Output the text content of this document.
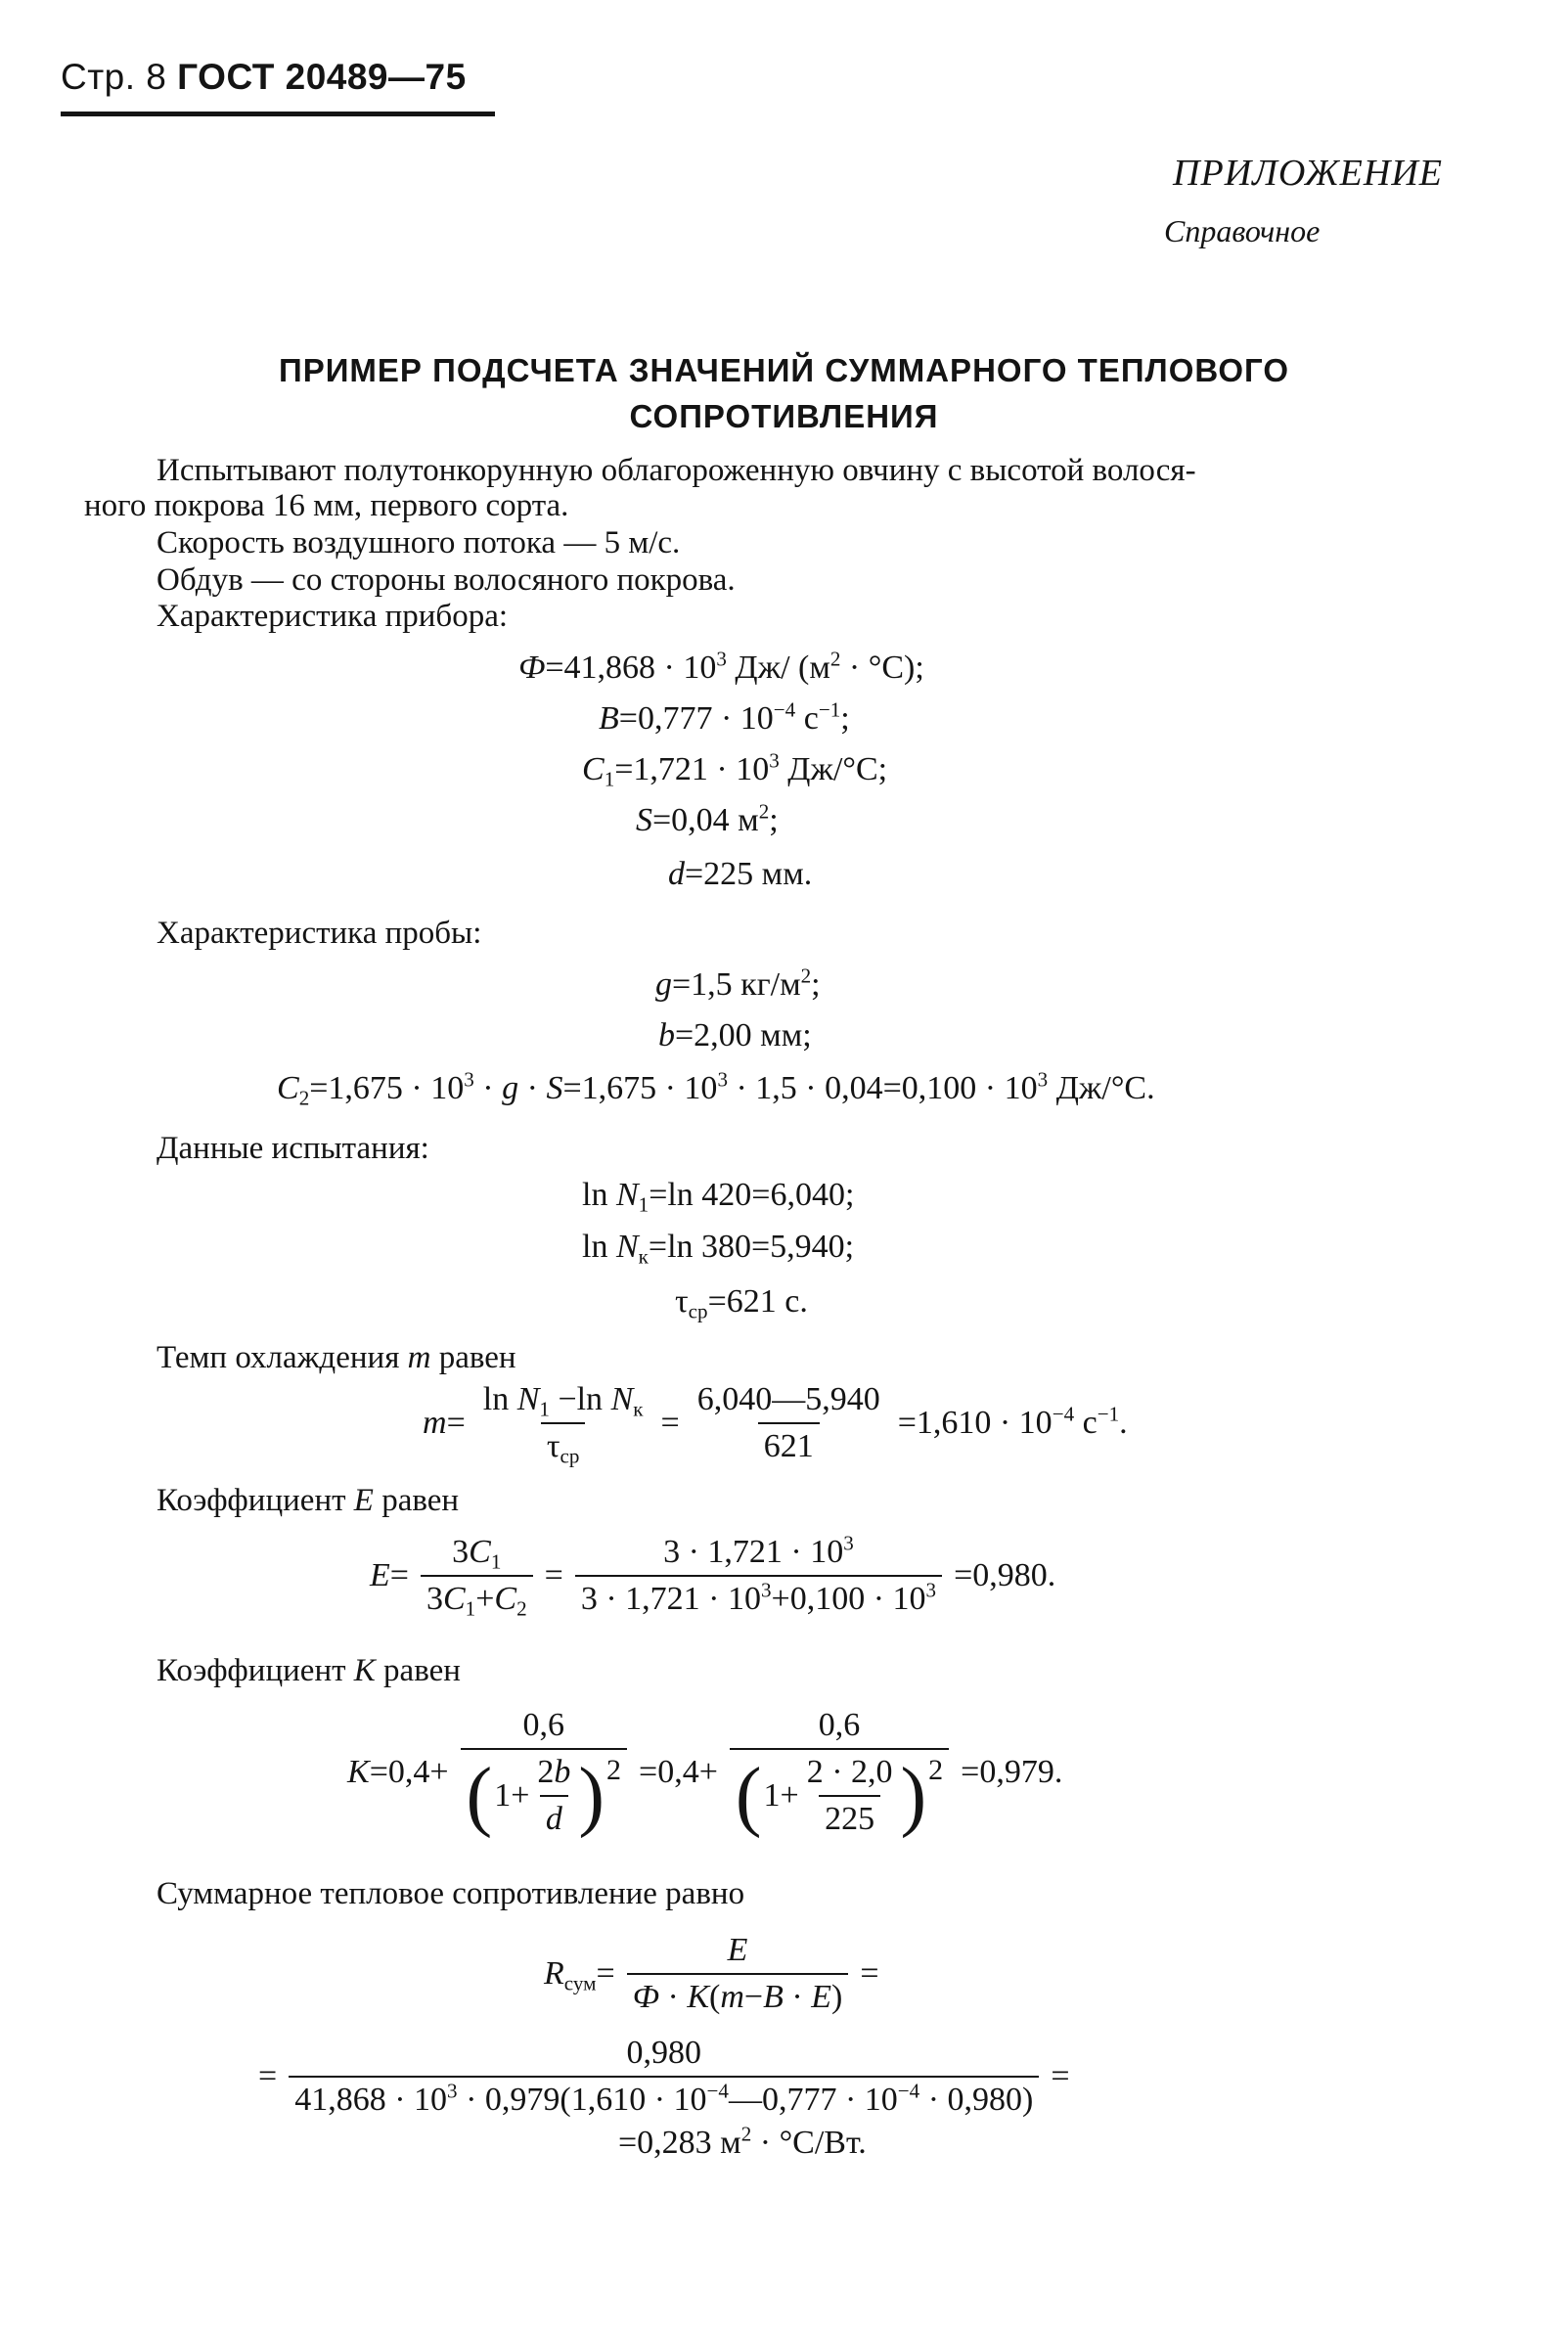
Стр. 8 ГОСТ 20489—75
ПРИЛОЖЕНИЕ
Справочное
ПРИМЕР ПОДСЧЕТА ЗНАЧЕНИЙ СУММАРНОГО ТЕПЛОВОГО
СОПРОТИВЛЕНИЯ
Испытывают полутонкорунную облагороженную овчину с высотой волося-
ного покрова 16 мм, первого сорта.
Скорость воздушного потока — 5 м/с.
Обдув — со стороны волосяного покрова.
Характеристика прибора:
$Ф=41,868 \cdot 10^3$ Дж/ $(м^2 \cdot ^\circ С)$;
$B=0,777 \cdot 10^{-4}$ $с^{-1}$;
$C_1=1,721 \cdot 10^3$ Дж/°С;
S=0,04 $м^2$;
d=225 мм.
Характеристика пробы:
g=1,5 $кг/м^2$;
b=2,00 мм;
$C_2=1,675 \cdot 10^3 \cdot g \cdot S=1,675 \cdot 10^3 \cdot 1,5 \cdot 0,04=0,100 \cdot 10^3$ Дж/°С.
Данные испытания:
$\ln N_1=\ln$ 420=6,040;
$\ln N_к=\ln$ 380=5,940;
$\tau_{ср}=621$ с.
Темп охлаждения m равен
$m= \frac{\ln N_1 -\ln N_к}{\tau_{ср}} = \frac{6,040—5,940}{621} =1,610 \cdot 10^{-4}$ $с^{-1}$.
Коэффициент E равен
$E= \frac{3C_1}{3C_1+C_2} = \frac{3 \cdot 1,721 \cdot 10^3}{3 \cdot 1,721 \cdot 10^3+0,100 \cdot 10^3} =0,980$.
Коэффициент K равен
K=0,4+
0,6
( $1+ \frac{2b}{d}$ ) 2 =0,4+
0,6
( $1+ \frac{2 \cdot 2,0}{225}$ ) 2 =0,979.
Суммарное тепловое сопротивление равно
$R_{сум}= \frac{E}{Ф \cdot K(m-B \cdot E)}$ =
= $\frac{0,980}{41,868 \cdot 10^3 \cdot 0,979(1,610 \cdot 10^{-4}—0,777 \cdot 10^{-4} \cdot 0,980)}$ =
=0,283 $м^2 \cdot ^\circ С/Вт$.
